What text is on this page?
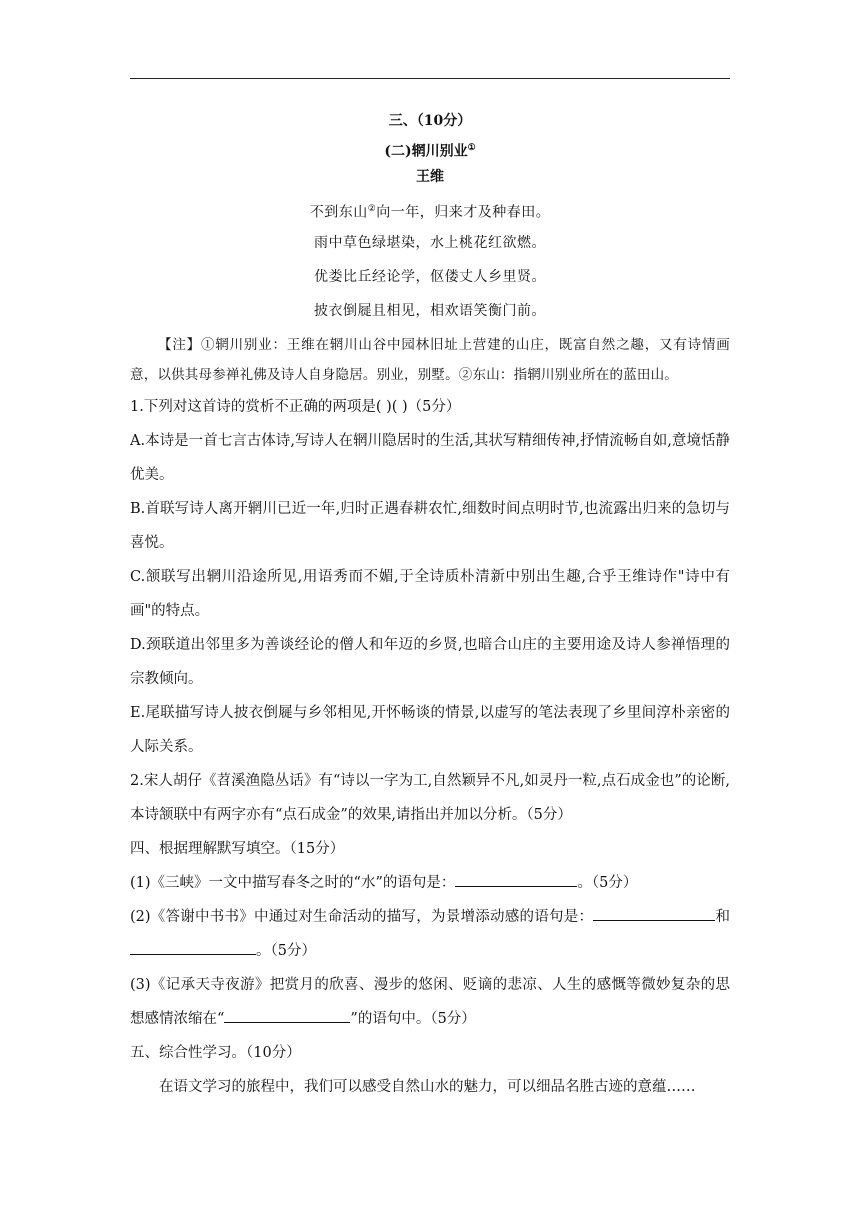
三、（10分）
(二)辋川别业①
王维
不到东山②向一年，归来才及种春田。
雨中草色绿堪染，水上桃花红欲燃。
优娄比丘经论学，伛偻丈人乡里贤。
披衣倒屣且相见，相欢语笑衡门前。
【注】①辋川别业：王维在辋川山谷中园林旧址上营建的山庄，既富自然之趣，又有诗情画意，以供其母参禅礼佛及诗人自身隐居。别业，别墅。②东山：指辋川别业所在的蓝田山。
1.下列对这首诗的赏析不正确的两项是( )( )（5分）
A.本诗是一首七言古体诗,写诗人在辋川隐居时的生活,其状写精细传神,抒情流畅自如,意境恬静优美。
B.首联写诗人离开辋川已近一年,归时正遇春耕农忙,细数时间点明时节,也流露出归来的急切与喜悦。
C.颔联写出辋川沿途所见,用语秀而不媚,于全诗质朴清新中别出生趣,合乎王维诗作"诗中有画"的特点。
D.颈联道出邻里多为善谈经论的僧人和年迈的乡贤,也暗合山庄的主要用途及诗人参禅悟理的宗教倾向。
E.尾联描写诗人披衣倒屣与乡邻相见,开怀畅谈的情景,以虚写的笔法表现了乡里间淳朴亲密的人际关系。
2.宋人胡仔《苕溪渔隐丛话》有“诗以一字为工,自然颖异不凡,如灵丹一粒,点石成金也”的论断,本诗颔联中有两字亦有“点石成金”的效果,请指出并加以分析。（5分）
四、根据理解默写填空。（15分）
(1)《三峡》一文中描写春冬之时的“水”的语句是：	。（5分）
(2)《答谢中书书》中通过对生命活动的描写，为景增添动感的语句是：	和。（5分）
(3)《记承天寺夜游》把赏月的欣喜、漫步的悠闲、贬谪的悲凉、人生的感慨等微妙复杂的思想感情浓缩在“	”的语句中。（5分）
五、综合性学习。（10分）
在语文学习的旅程中，我们可以感受自然山水的魅力，可以细品名胜古迹的意蕴……
